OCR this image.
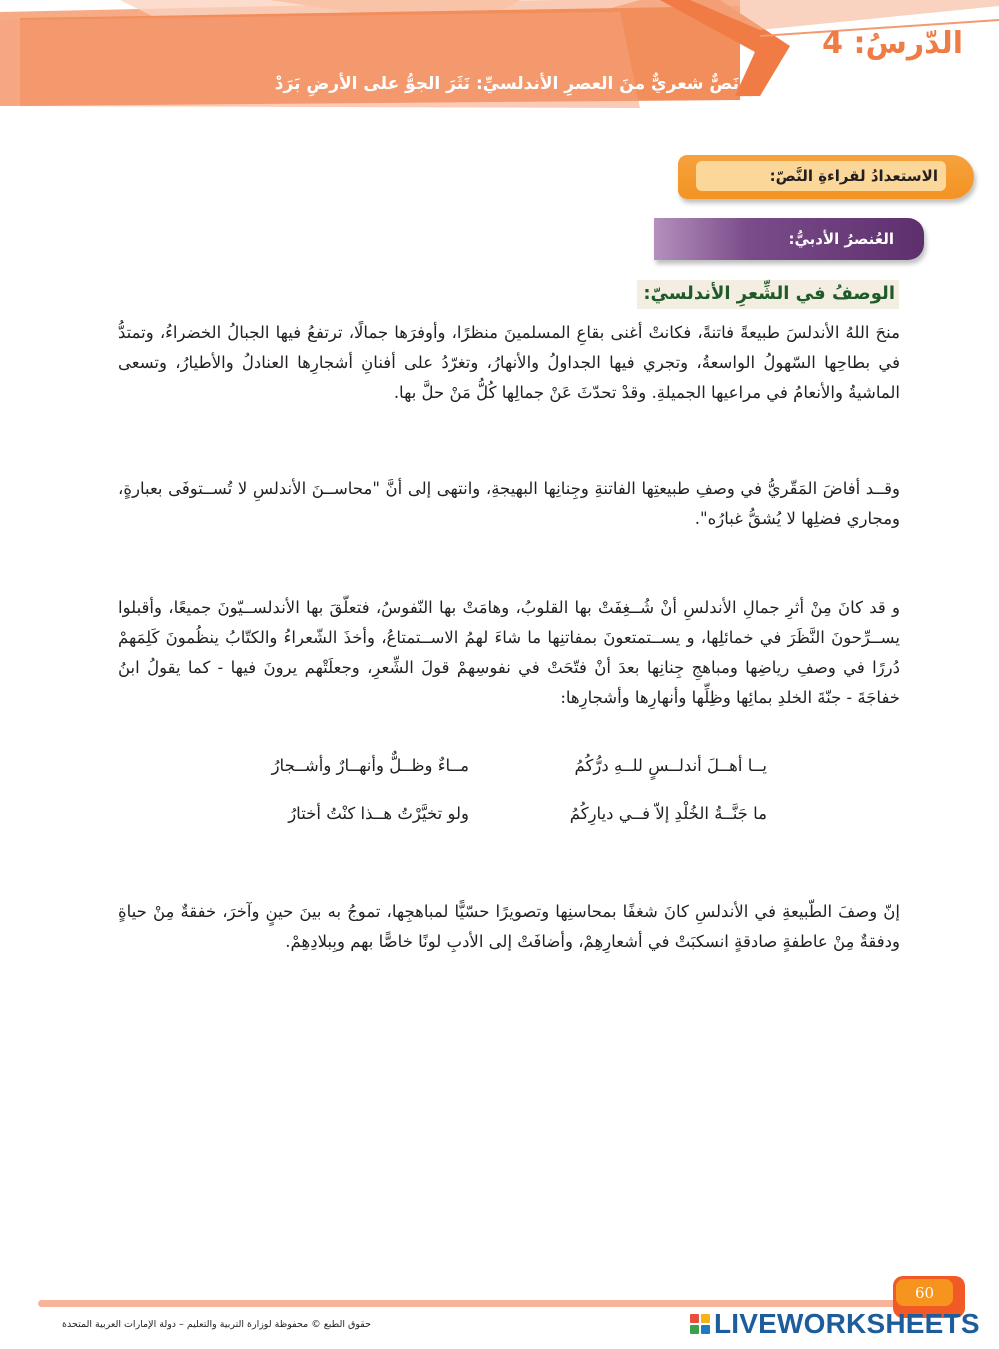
الدّرسُ: 4
نَصٌّ شعريٌّ منَ العصرِ الأندلسيِّ: نَثَرَ الجوُّ على الأرضِ بَرَدْ
الاستعدادُ لقراءةِ النَّصّ:
العُنصرُ الأدبيُّ:
الوصفُ في الشِّعرِ الأندلسيّ:
منحَ اللهُ الأندلسَ طبيعةً فاتنةً، فكانتْ أغنى بقاعِ المسلمينَ منظرًا، وأوفرَها جمالًا، ترتفعُ فيها الجبالُ الخضراءُ، وتمتدُّ في بطاحِها السّهولُ الواسعةُ، وتجري فيها الجداولُ والأنهارُ، وتغرّدُ على أفنانِ أشجارِها العنادلُ والأطيارُ، وتسعى الماشيةُ والأنعامُ في مراعيها الجميلةِ. وقدْ تحدّثَ عَنْ جمالِها كُلُّ مَنْ حلَّ بها.
وقــد أفاضَ المَقّريُّ في وصفِ طبيعتِها الفاتنةِ وجِنانِها البهيجةِ، وانتهى إلى أنَّ "محاســنَ الأندلسِ لا تُســتوفَى بعبارةٍ، ومجاري فضلِها لا يُشقُّ غبارُه".
و قد كانَ مِنْ أثرِ جمالِ الأندلسِ أنْ شُــغِفَتْ بها القلوبُ، وهامَتْ بها النّفوسُ، فتعلّقَ بها الأندلســيّونَ جميعًا، وأقبلوا يســرِّحونَ النَّظَرَ في خمائلِها، و يســتمتعونَ بمفاتنِها ما شاءَ لهمُ الاســتمتاعُ، وأخذَ الشّعراءُ والكتّابُ ينظُمونَ كَلِمَهمْ دُررًا في وصفِ رياضِها ومباهجِ جِنانِها بعدَ أنْ فتّحَتْ في نفوسِهمْ قولَ الشِّعرِ، وجعلَتْهم يرونَ فيها - كما يقولُ ابنُ خفاجَةَ - جنّةَ الخلدِ بمائِها وظِلِّها وأنهارِها وأشجارِها:
يــا أهــلَ أندلــسٍ للــهِ درُّكُمُ
مــاءٌ وظــلٌّ وأنهــارٌ وأشــجارُ
ما جَنَّــةُ الخُلْدِ إلاّ فــي ديارِكُمُ
ولو تخيَّرْتُ هــذا كنْتُ أختارُ
إنّ وصفَ الطّبيعةِ في الأندلسِ كانَ شغفًا بمحاسنِها وتصويرًا حسّيًّا لمباهجِها، تموجُ به بينَ حينٍ وآخرَ، خفقةٌ مِنْ حياةٍ ودفقةٌ مِنْ عاطفةٍ صادقةٍ انسكبَتْ في أشعارِهِمْ، وأضافَتْ إلى الأدبِ لونًا خاصًّا بهم وبِبلادِهِمْ.
60
حقوق الطبع © محفوظة لوزارة التربية والتعليم – دولة الإمارات العربية المتحدة	LIVEWORKSHEETS
